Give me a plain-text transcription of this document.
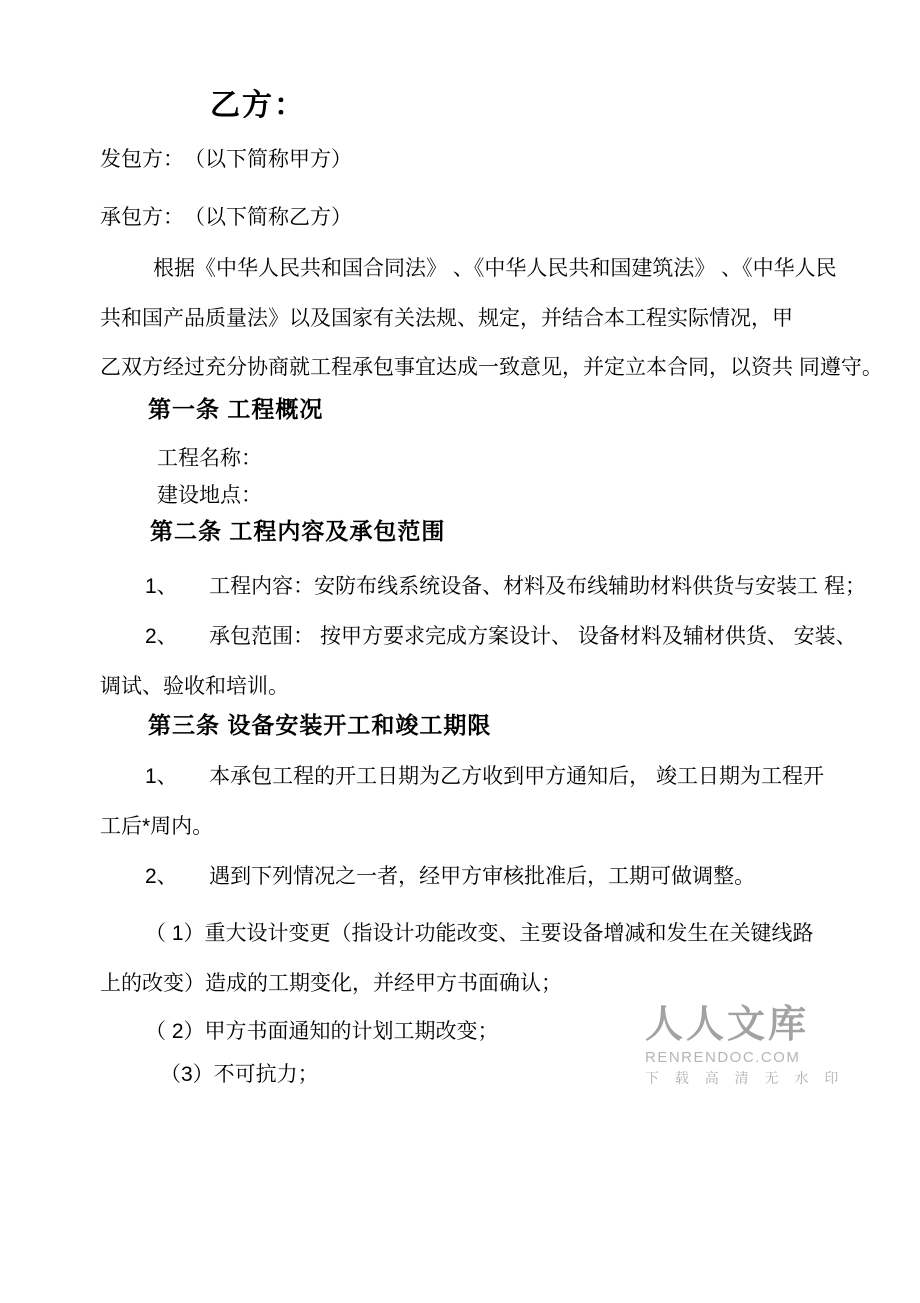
乙方：
发包方：　（以下简称甲方）
承包方：　（以下简称乙方）
根据《中华人民共和国合同法》 、《中华人民共和国建筑法》 、《中华人民
共和国产品质量法》以及国家有关法规、规定，并结合本工程实际情况，甲
乙双方经过充分协商就工程承包事宜达成一致意见，并定立本合同，以资共 同遵守。
第一条 工程概况
工程名称：
建设地点：
第二条 工程内容及承包范围
1、　　工程内容：安防布线系统设备、材料及布线辅助材料供货与安装工 程；
2、　　承包范围： 按甲方要求完成方案设计、 设备材料及辅材供货、 安装、
调试、验收和培训。
第三条 设备安装开工和竣工期限
1、　　本承包工程的开工日期为乙方收到甲方通知后， 竣工日期为工程开
工后*周内。
2、　　遇到下列情况之一者，经甲方审核批准后，工期可做调整。
（ 1）重大设计变更（指设计功能改变、主要设备增减和发生在关键线路
上的改变）造成的工期变化，并经甲方书面确认；
（ 2）甲方书面通知的计划工期改变；
（3）不可抗力；
人人文库
RENRENDOC.COM
下 载 高 清 无 水 印
